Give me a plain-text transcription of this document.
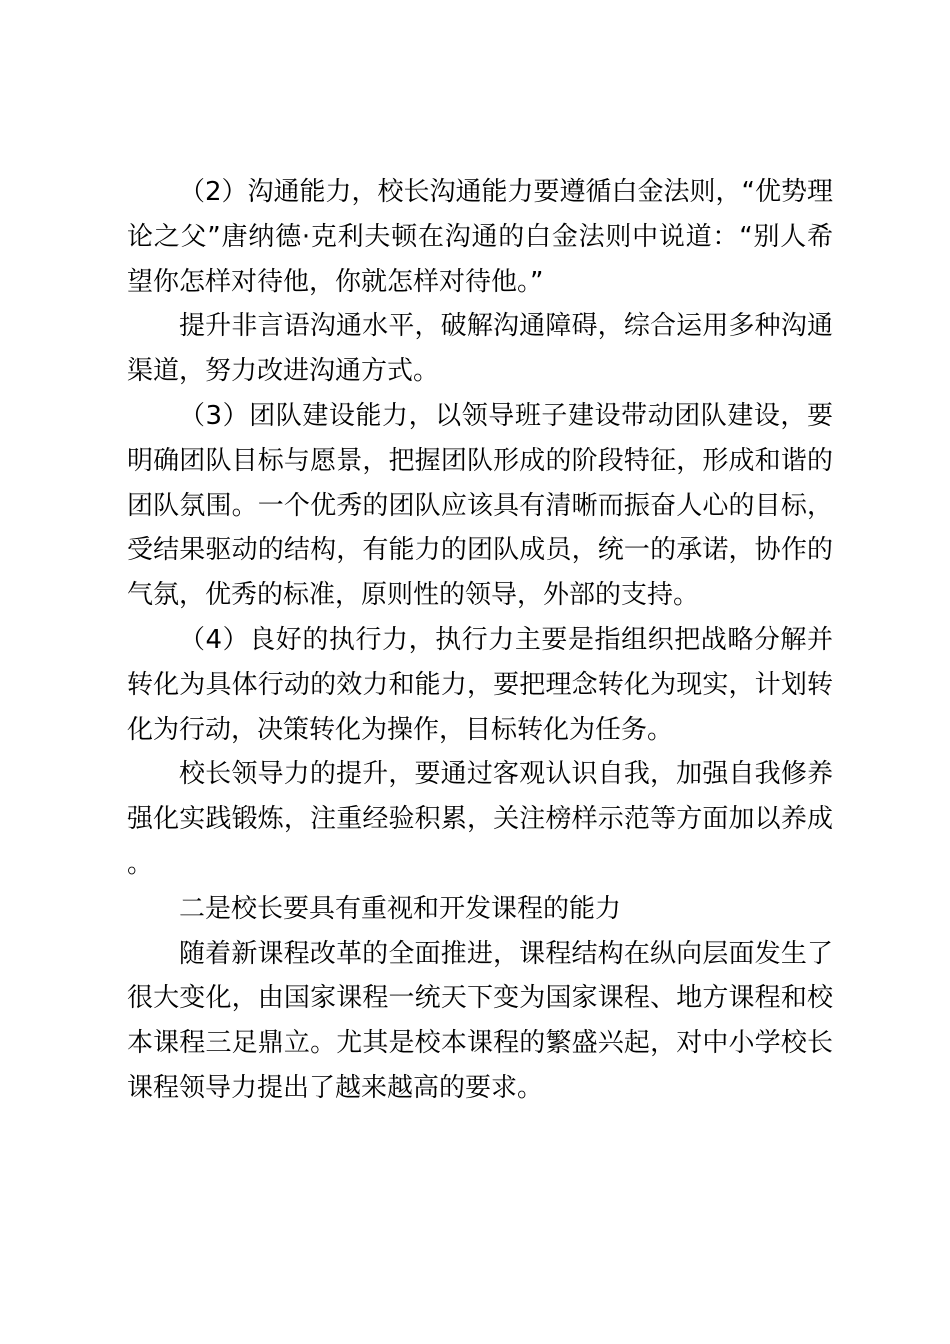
（2）沟通能力，校长沟通能力要遵循白金法则，“优势理论之父”唐纳德·克利夫顿在沟通的白金法则中说道：“别人希望你怎样对待他，你就怎样对待他。”

提升非言语沟通水平，破解沟通障碍，综合运用多种沟通渠道，努力改进沟通方式。

（3）团队建设能力，以领导班子建设带动团队建设，要明确团队目标与愿景，把握团队形成的阶段特征，形成和谐的团队氛围。一个优秀的团队应该具有清晰而振奋人心的目标，受结果驱动的结构，有能力的团队成员，统一的承诺，协作的气氛，优秀的标准，原则性的领导，外部的支持。

（4）良好的执行力，执行力主要是指组织把战略分解并转化为具体行动的效力和能力，要把理念转化为现实，计划转化为行动，决策转化为操作，目标转化为任务。

校长领导力的提升，要通过客观认识自我，加强自我修养强化实践锻炼，注重经验积累，关注榜样示范等方面加以养成。

二是校长要具有重视和开发课程的能力

随着新课程改革的全面推进，课程结构在纵向层面发生了很大变化，由国家课程一统天下变为国家课程、地方课程和校本课程三足鼎立。尤其是校本课程的繁盛兴起，对中小学校长课程领导力提出了越来越高的要求。
